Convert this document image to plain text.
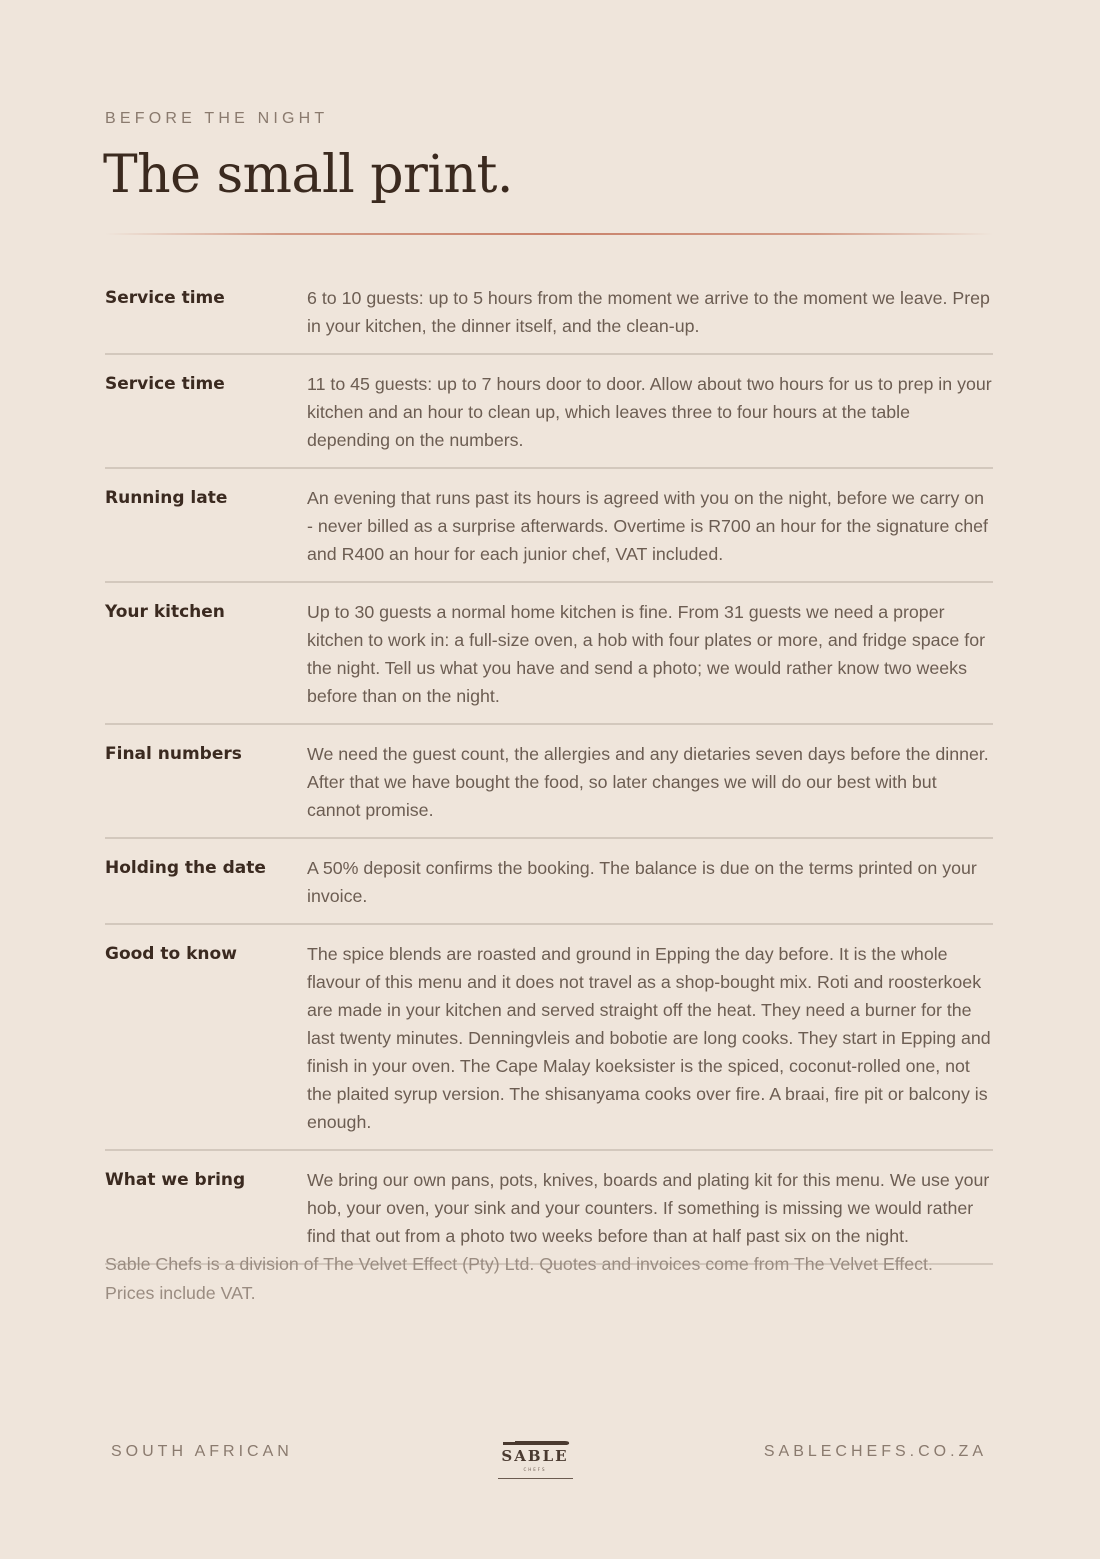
BEFORE THE NIGHT
The small print.
Service time	6 to 10 guests: up to 5 hours from the moment we arrive to the moment we leave. Prep in your kitchen, the dinner itself, and the clean-up.
Service time	11 to 45 guests: up to 7 hours door to door. Allow about two hours for us to prep in your kitchen and an hour to clean up, which leaves three to four hours at the table depending on the numbers.
Running late	An evening that runs past its hours is agreed with you on the night, before we carry on - never billed as a surprise afterwards. Overtime is R700 an hour for the signature chef and R400 an hour for each junior chef, VAT included.
Your kitchen	Up to 30 guests a normal home kitchen is fine. From 31 guests we need a proper kitchen to work in: a full-size oven, a hob with four plates or more, and fridge space for the night. Tell us what you have and send a photo; we would rather know two weeks before than on the night.
Final numbers	We need the guest count, the allergies and any dietaries seven days before the dinner. After that we have bought the food, so later changes we will do our best with but cannot promise.
Holding the date	A 50% deposit confirms the booking. The balance is due on the terms printed on your invoice.
Good to know	The spice blends are roasted and ground in Epping the day before. It is the whole flavour of this menu and it does not travel as a shop-bought mix. Roti and roosterkoek are made in your kitchen and served straight off the heat. They need a burner for the last twenty minutes. Denningvleis and bobotie are long cooks. They start in Epping and finish in your oven. The Cape Malay koeksister is the spiced, coconut-rolled one, not the plaited syrup version. The shisanyama cooks over fire. A braai, fire pit or balcony is enough.
What we bring	We bring our own pans, pots, knives, boards and plating kit for this menu. We use your hob, your oven, your sink and your counters. If something is missing we would rather find that out from a photo two weeks before than at half past six on the night.

Sable Chefs is a division of The Velvet Effect (Pty) Ltd. Quotes and invoices come from The Velvet Effect. Prices include VAT.

SOUTH AFRICAN	SABLE
CHEFS
SABLECHEFS.CO.ZA
